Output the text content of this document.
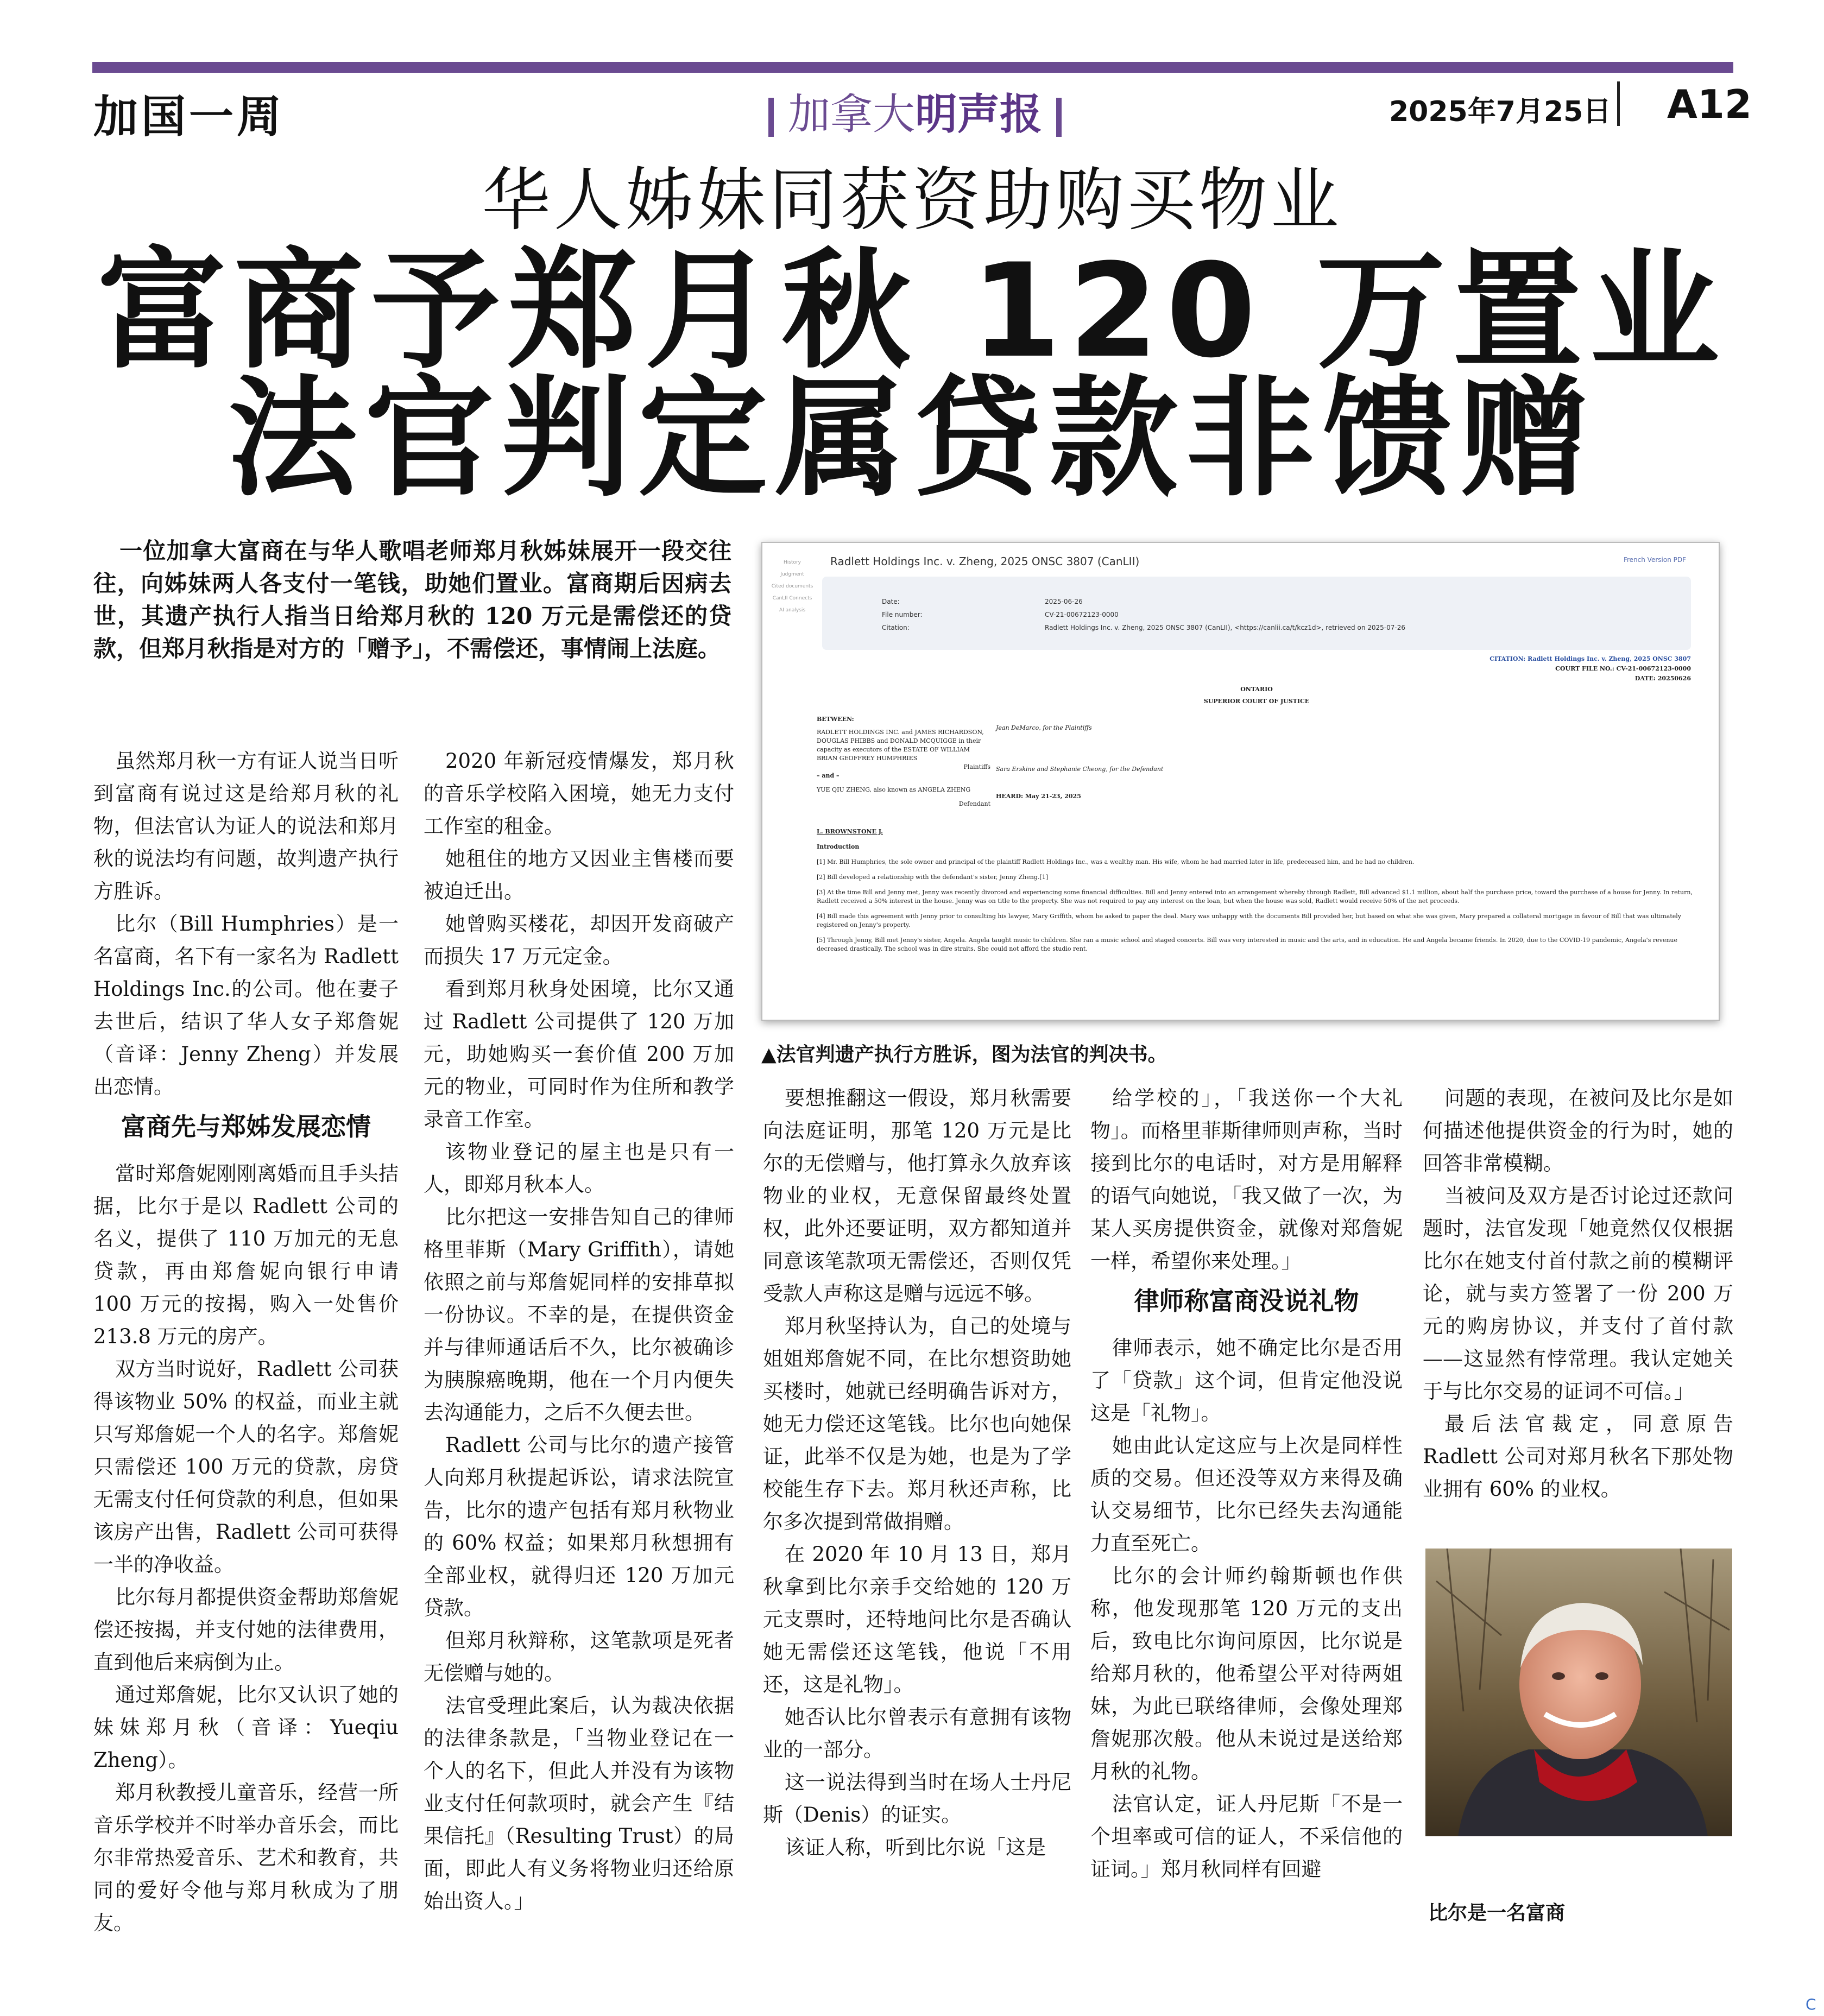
加国一周	加拿大明声报	2025年7月25日 A12
华人姊妹同获资助购买物业
富商予郑月秋 120 万置业
法官判定属贷款非馈赠
一位加拿大富商在与华人歌唱老师郑月秋姊妹展开一段交往往，向姊妹两人各支付一笔钱，助她们置业。富商期后因病去世，其遗产执行人指当日给郑月秋的 120 万元是需偿还的贷款，但郑月秋指是对方的「赠予」，不需偿还，事情闹上法庭。

虽然郑月秋一方有证人说当日听到富商有说过这是给郑月秋的礼物，但法官认为证人的说法和郑月秋的说法均有问题，故判遗产执行方胜诉。

比尔（Bill Humphries）是一名富商，名下有一家名为 Radlett Holdings Inc.的公司。他在妻子去世后，结识了华人女子郑詹妮（音译：Jenny Zheng）并发展出恋情。

富商先与郑姊发展恋情

當时郑詹妮刚刚离婚而且手头拮据，比尔于是以 Radlett 公司的名义，提供了 110 万加元的无息贷款，再由郑詹妮向银行申请 100 万元的按揭，购入一处售价 213.8 万元的房产。

双方当时说好，Radlett 公司获得该物业 50% 的权益，而业主就只写郑詹妮一个人的名字。郑詹妮只需偿还 100 万元的贷款，房贷无需支付任何贷款的利息，但如果该房产出售，Radlett 公司可获得一半的净收益。

比尔每月都提供资金帮助郑詹妮偿还按揭，并支付她的法律费用，直到他后来病倒为止。

通过郑詹妮，比尔又认识了她的妹妹郑月秋（音译：Yueqiu Zheng）。

郑月秋教授儿童音乐，经营一所音乐学校并不时举办音乐会，而比尔非常热爱音乐、艺术和教育，共同的爱好令他与郑月秋成为了朋友。

2020 年新冠疫情爆发，郑月秋的音乐学校陷入困境，她无力支付工作室的租金。

她租住的地方又因业主售楼而要被迫迁出。

她曾购买楼花，却因开发商破产而损失 17 万元定金。

看到郑月秋身处困境，比尔又通过 Radlett 公司提供了 120 万加元，助她购买一套价值 200 万加元的物业，可同时作为住所和教学录音工作室。

该物业登记的屋主也是只有一人，即郑月秋本人。

比尔把这一安排告知自己的律师格里菲斯（Mary Griffith），请她依照之前与郑詹妮同样的安排草拟一份协议。不幸的是，在提供资金并与律师通话后不久，比尔被确诊为胰腺癌晚期，他在一个月内便失去沟通能力，之后不久便去世。

Radlett 公司与比尔的遗产接管人向郑月秋提起诉讼，请求法院宣告，比尔的遗产包括有郑月秋物业的 60% 权益；如果郑月秋想拥有全部业权，就得归还 120 万加元贷款。

但郑月秋辩称，这笔款项是死者无偿赠与她的。

法官受理此案后，认为裁决依据的法律条款是，「当物业登记在一个人的名下，但此人并没有为该物业支付任何款项时，就会产生『结果信托』（Resulting Trust）的局面，即此人有义务将物业归还给原始出资人。」

Radlett Holdings Inc. v. Zheng, 2025 ONSC 3807 (CanLII)	French Version PDF
History
Judgment
Cited documents
CanLII Connects
AI analysis
Date:	2025-06-26
File number:	CV-21-00672123-0000
Citation:	Radlett Holdings Inc. v. Zheng, 2025 ONSC 3807 (CanLII), <https://canlii.ca/t/kcz1d>, retrieved on 2025-07-26
CITATION: Radlett Holdings Inc. v. Zheng, 2025 ONSC 3807
COURT FILE NO.: CV-21-00672123-0000
DATE: 20250626
ONTARIO
SUPERIOR COURT OF JUSTICE
BETWEEN:
RADLETT HOLDINGS INC. and JAMES RICHARDSON, DOUGLAS PHIBBS and DONALD MCQUIGGE in their capacity as executors of the ESTATE OF WILLIAM BRIAN GEOFFREY HUMPHRIES
Plaintiffs
– and –
YUE QIU ZHENG, also known as ANGELA ZHENG
Defendant
Jean DeMarco, for the Plaintiffs
Sara Erskine and Stephanie Cheong, for the Defendant
HEARD: May 21-23, 2025
L. BROWNSTONE J.
Introduction
[1] Mr. Bill Humphries, the sole owner and principal of the plaintiff Radlett Holdings Inc., was a wealthy man. His wife, whom he had married later in life, predeceased him, and he had no children.
[2] Bill developed a relationship with the defendant's sister, Jenny Zheng.[1]
[3] At the time Bill and Jenny met, Jenny was recently divorced and experiencing some financial difficulties. Bill and Jenny entered into an arrangement whereby through Radlett, Bill advanced $1.1 million, about half the purchase price, toward the purchase of a house for Jenny. In return, Radlett received a 50% interest in the house. Jenny was on title to the property. She was not required to pay any interest on the loan, but when the house was sold, Radlett would receive 50% of the net proceeds.
[4] Bill made this agreement with Jenny prior to consulting his lawyer, Mary Griffith, whom he asked to paper the deal. Mary was unhappy with the documents Bill provided her, but based on what she was given, Mary prepared a collateral mortgage in favour of Bill that was ultimately registered on Jenny's property.
[5] Through Jenny, Bill met Jenny's sister, Angela. Angela taught music to children. She ran a music school and staged concerts. Bill was very interested in music and the arts, and in education. He and Angela became friends. In 2020, due to the COVID-19 pandemic, Angela's revenue decreased drastically. The school was in dire straits. She could not afford the studio rent.
▲法官判遗产执行方胜诉，图为法官的判决书。

要想推翻这一假设，郑月秋需要向法庭证明，那笔 120 万元是比尔的无偿赠与，他打算永久放弃该物业的业权，无意保留最终处置权，此外还要证明，双方都知道并同意该笔款项无需偿还，否则仅凭受款人声称这是赠与远远不够。

郑月秋坚持认为，自己的处境与姐姐郑詹妮不同，在比尔想资助她买楼时，她就已经明确告诉对方，她无力偿还这笔钱。比尔也向她保证，此举不仅是为她，也是为了学校能生存下去。郑月秋还声称，比尔多次提到常做捐赠。

在 2020 年 10 月 13 日，郑月秋拿到比尔亲手交给她的 120 万元支票时，还特地问比尔是否确认她无需偿还这笔钱，他说「不用还，这是礼物」。

她否认比尔曾表示有意拥有该物业的一部分。

这一说法得到当时在场人士丹尼斯（Denis）的证实。

该证人称，听到比尔说「这是

给学校的」，「我送你一个大礼物」。而格里菲斯律师则声称，当时接到比尔的电话时，对方是用解释的语气向她说，「我又做了一次，为某人买房提供资金，就像对郑詹妮一样，希望你来处理。」

律师称富商没说礼物

律师表示，她不确定比尔是否用了「贷款」这个词，但肯定他没说这是「礼物」。

她由此认定这应与上次是同样性质的交易。但还没等双方来得及确认交易细节，比尔已经失去沟通能力直至死亡。

比尔的会计师约翰斯顿也作供称，他发现那笔 120 万元的支出后，致电比尔询问原因，比尔说是给郑月秋的，他希望公平对待两姐妹，为此已联络律师，会像处理郑詹妮那次般。他从未说过是送给郑月秋的礼物。

法官认定，证人丹尼斯「不是一个坦率或可信的证人，不采信他的证词。」郑月秋同样有回避

问题的表现，在被问及比尔是如何描述他提供资金的行为时，她的回答非常模糊。

当被问及双方是否讨论过还款问题时，法官发现「她竟然仅仅根据比尔在她支付首付款之前的模糊评论，就与卖方签署了一份 200 万元的购房协议，并支付了首付款——这显然有悖常理。我认定她关于与比尔交易的证词不可信。」

最后法官裁定，同意原告 Radlett 公司对郑月秋名下那处物业拥有 60% 的业权。

比尔是一名富商
C
